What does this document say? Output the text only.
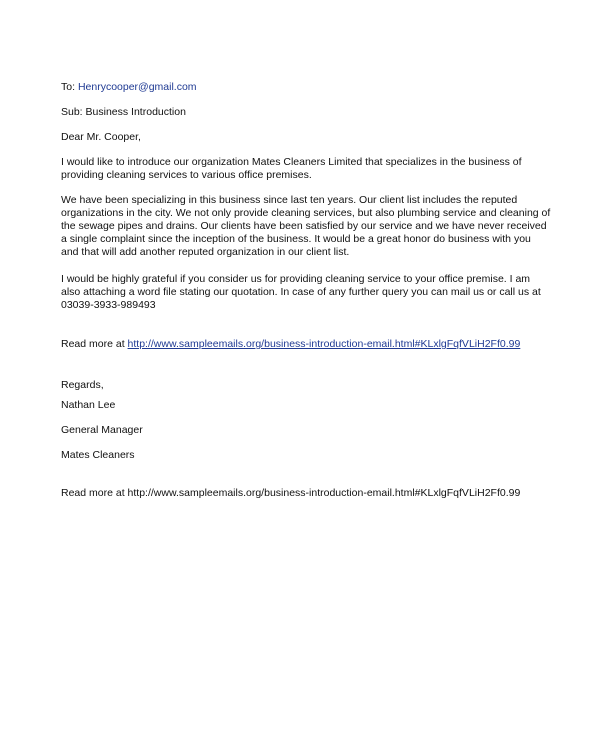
To: Henrycooper@gmail.com
Sub: Business Introduction
Dear Mr. Cooper,

I would like to introduce our organization Mates Cleaners Limited that specializes in the business of providing cleaning services to various office premises.

We have been specializing in this business since last ten years. Our client list includes the reputed organizations in the city. We not only provide cleaning services, but also plumbing service and cleaning of the sewage pipes and drains. Our clients have been satisfied by our service and we have never received a single complaint since the inception of the business. It would be a great honor do business with you and that will add another reputed organization in our client list.

I would be highly grateful if you consider us for providing cleaning service to your office premise. I am also attaching a word file stating our quotation. In case of any further query you can mail us or call us at 03039-3933-989493

Read more at http://www.sampleemails.org/business-introduction-email.html#KLxlgFqfVLiH2Ff0.99
Regards,
Nathan Lee
General Manager
Mates Cleaners
Read more at http://www.sampleemails.org/business-introduction-email.html#KLxlgFqfVLiH2Ff0.99
